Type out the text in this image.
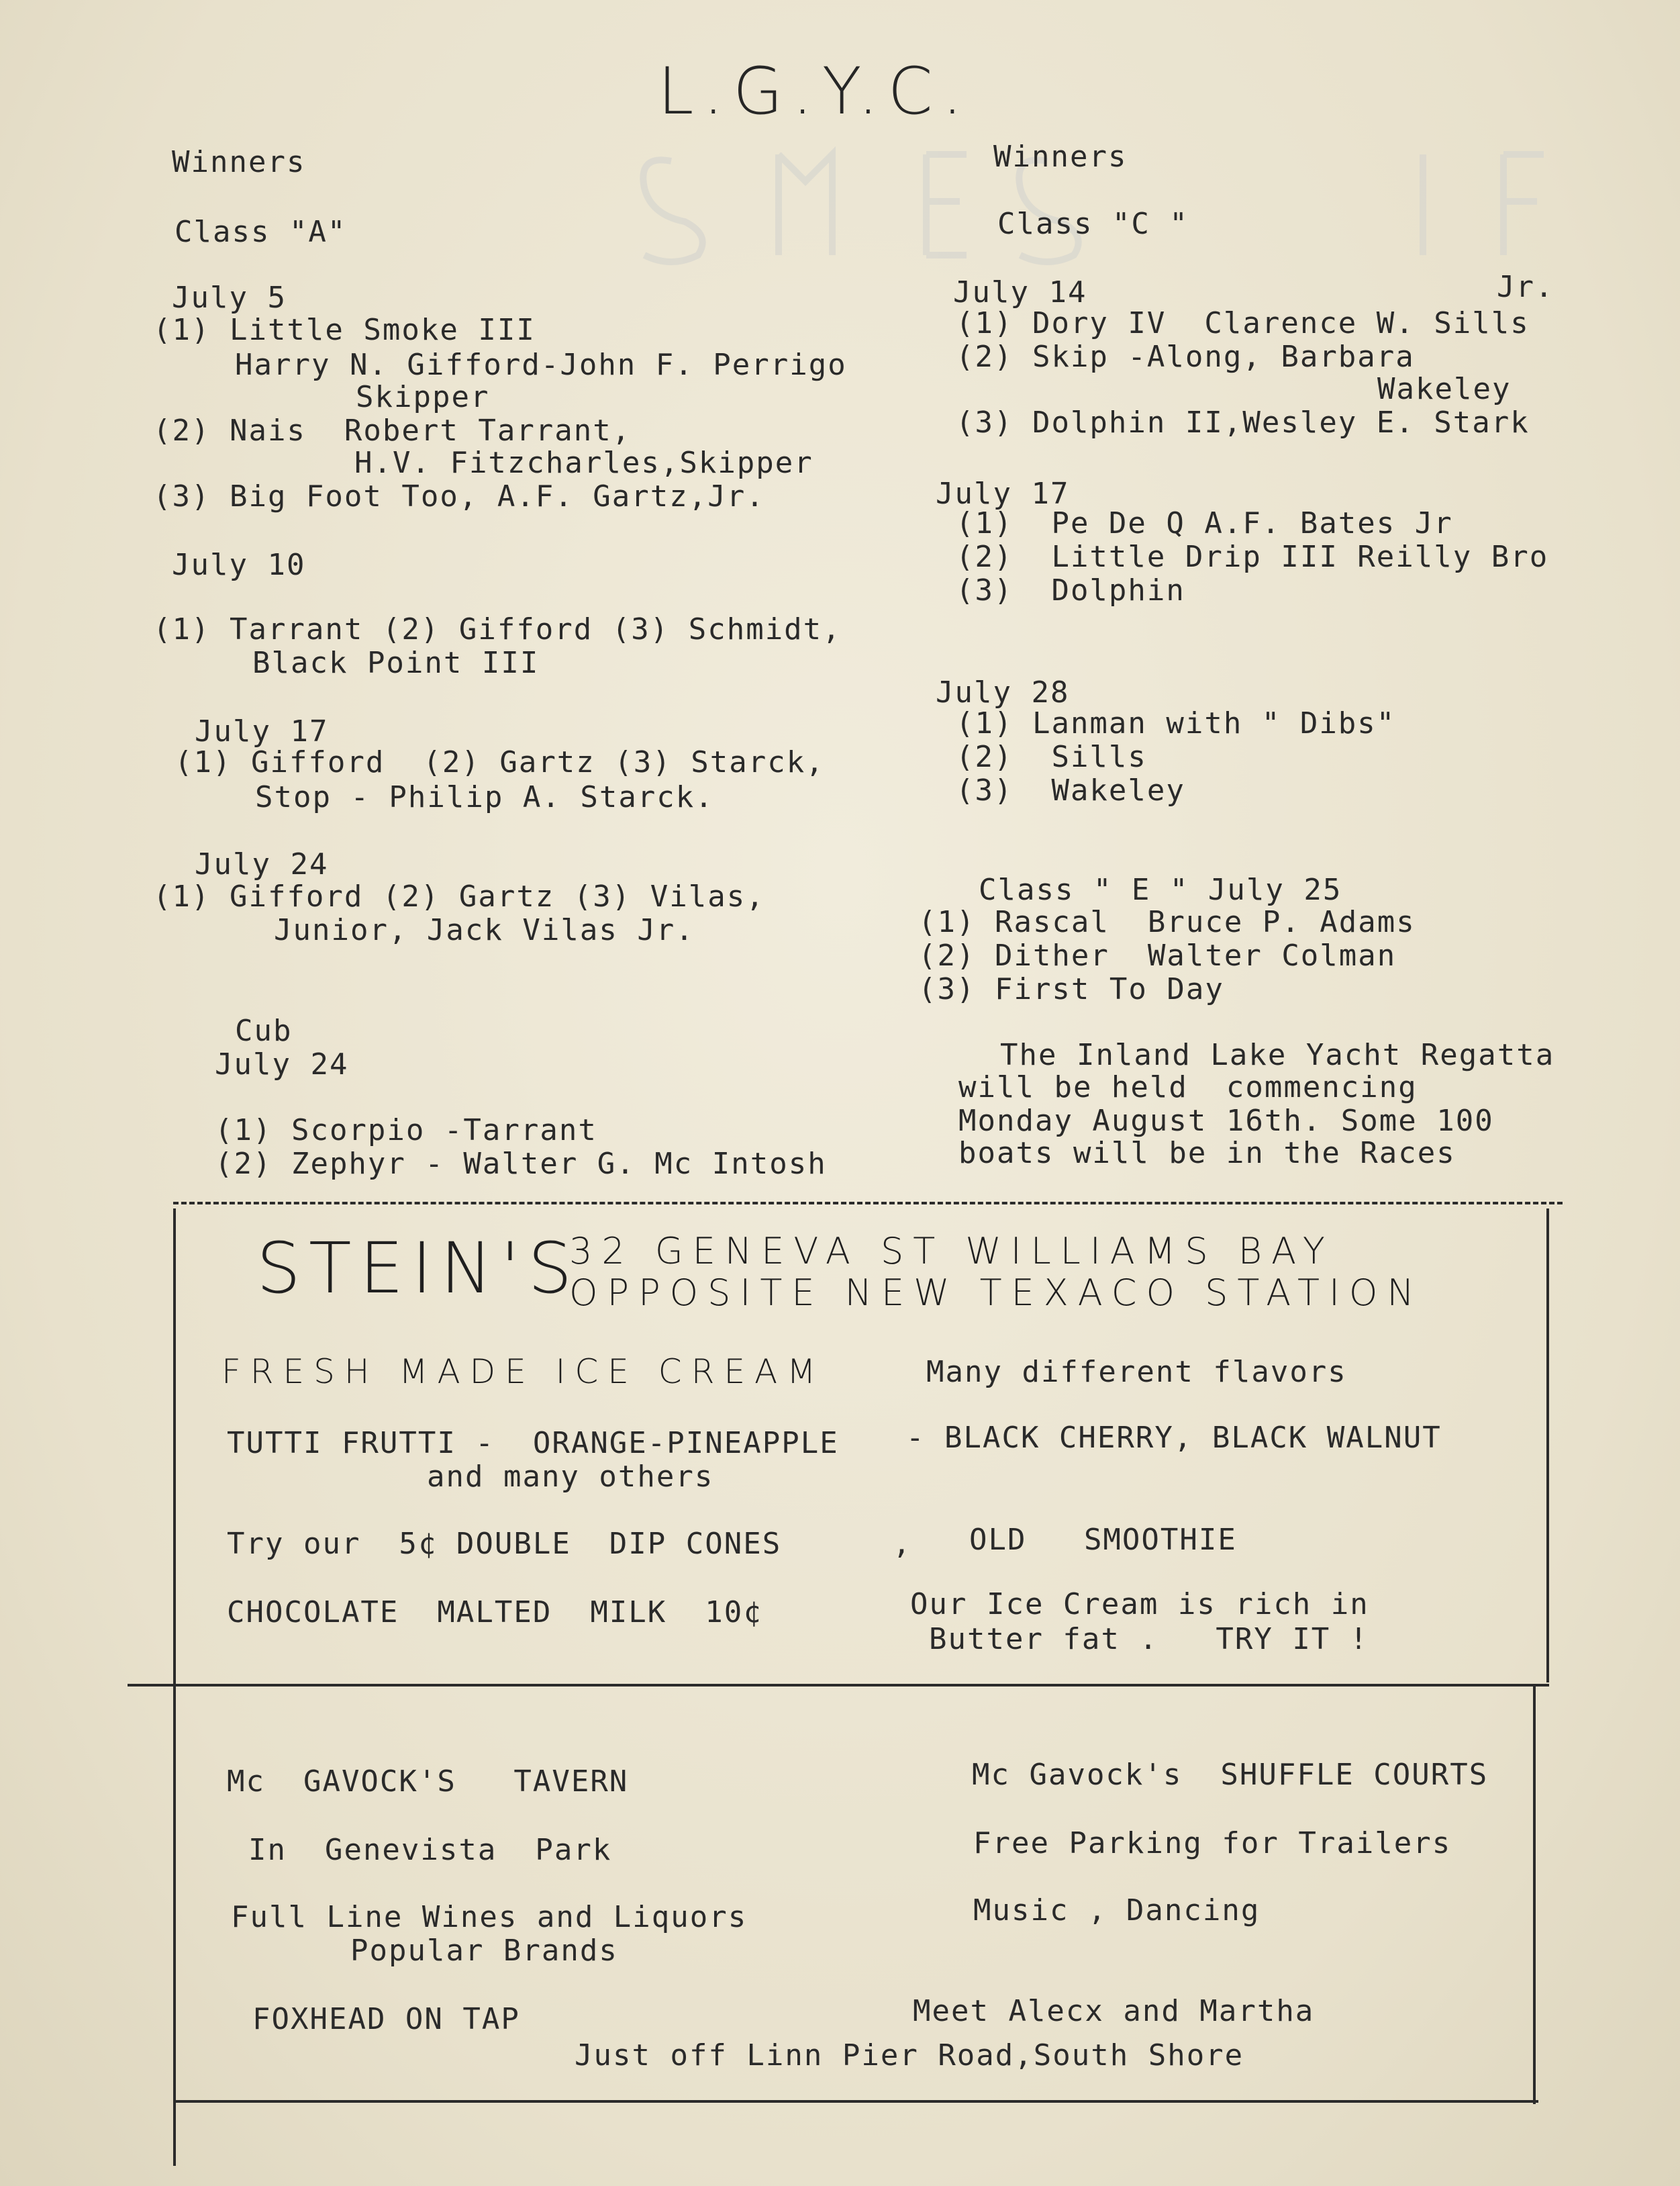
L.G.Y.C.
Winners
Class "A"
July 5
(1) Little Smoke III
Harry N. Gifford-John F. Perrigo
Skipper
(2) Nais  Robert Tarrant,
H.V. Fitzcharles,Skipper
(3) Big Foot Too, A.F. Gartz,Jr.
July 10
(1) Tarrant (2) Gifford (3) Schmidt,
Black Point III
July 17
(1) Gifford  (2) Gartz (3) Starck,
Stop - Philip A. Starck.
July 24
(1) Gifford (2) Gartz (3) Vilas,
Junior, Jack Vilas Jr.
Cub
July 24
(1) Scorpio -Tarrant
(2) Zephyr - Walter G. Mc Intosh
Winners
Class "C "
July 14	Jr.
(1) Dory IV  Clarence W. Sills
(2) Skip -Along, Barbara
Wakeley
(3) Dolphin II,Wesley E. Stark
July 17
(1)  Pe De Q A.F. Bates Jr
(2)  Little Drip III Reilly Bro
(3)  Dolphin
July 28
(1) Lanman with " Dibs"
(2)  Sills
(3)  Wakeley
Class " E " July 25
(1) Rascal  Bruce P. Adams
(2) Dither  Walter Colman
(3) First To Day
The Inland Lake Yacht Regatta
will be held  commencing
Monday August 16th. Some 100
boats will be in the Races
STEIN'S
32 GENEVA ST WILLIAMS BAY
OPPOSITE NEW TEXACO STATION
FRESH MADE ICE CREAM	Many different flavors
TUTTI FRUTTI -  ORANGE-PINEAPPLE - BLACK CHERRY, BLACK WALNUT
and many others
Try our  5¢ DOUBLE  DIP CONES	, OLD   SMOOTHIE
CHOCOLATE  MALTED  MILK  10¢	Our Ice Cream is rich in
Butter fat .   TRY IT !
Mc  GAVOCK'S   TAVERN
In  Genevista  Park
Full Line Wines and Liquors
Popular Brands
FOXHEAD ON TAP
Mc Gavock's  SHUFFLE COURTS
Free Parking for Trailers
Music , Dancing
Meet Alecx and Martha
Just off Linn Pier Road,South Shore
